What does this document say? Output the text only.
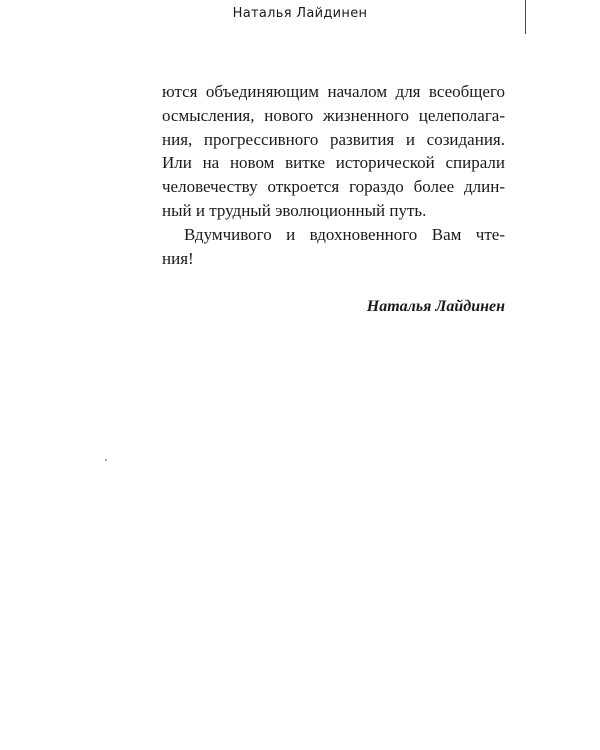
Наталья Лайдинен
ются объединяющим началом для всеобщего
осмысления, нового жизненного целеполага-
ния, прогрессивного развития и созидания.
Или на новом витке исторической спирали
человечеству откроется гораздо более длин-
ный и трудный эволюционный путь.
Вдумчивого и вдохновенного Вам чте-
ния!
Наталья Лайдинен
